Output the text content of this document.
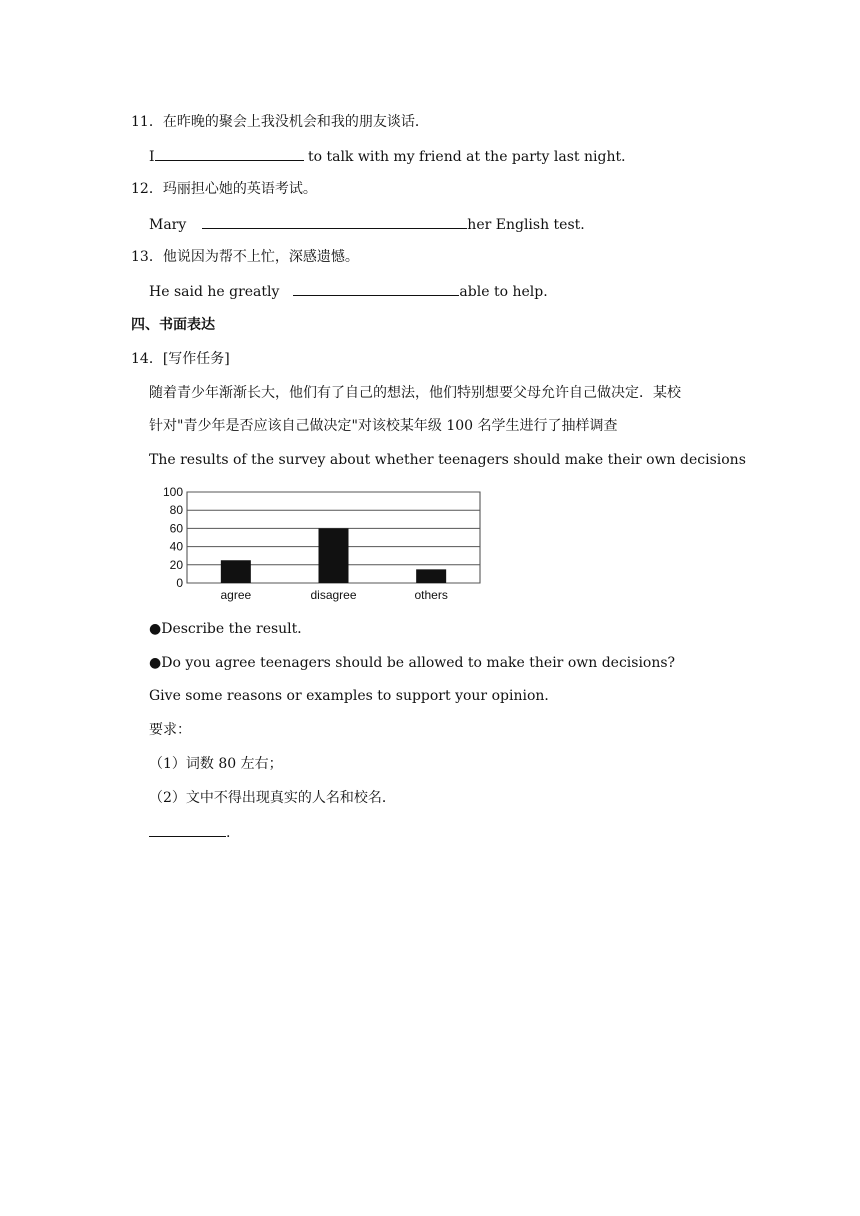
11．在昨晚的聚会上我没机会和我的朋友谈话．
I	to talk with my friend at the party last night．
12．玛丽担心她的英语考试。
Mary	her English test.
13．他说因为帮不上忙，深感遗憾。
He said he greatly	able to help.
四、书面表达
14．[写作任务]
随着青少年渐渐长大，他们有了自己的想法，他们特别想要父母允许自己做决定．某校
针对"青少年是否应该自己做决定"对该校某年级 100 名学生进行了抽样调查
The results of the survey about whether teenagers should make their own decisions
0
20
40
60
80
100
agree	disagree	others
●Describe the result．
●Do you agree teenagers should be allowed to make their own decisions?
Give some reasons or examples to support your opinion．
要求：
（1）词数 80 左右；
（2）文中不得出现真实的人名和校名．
.
